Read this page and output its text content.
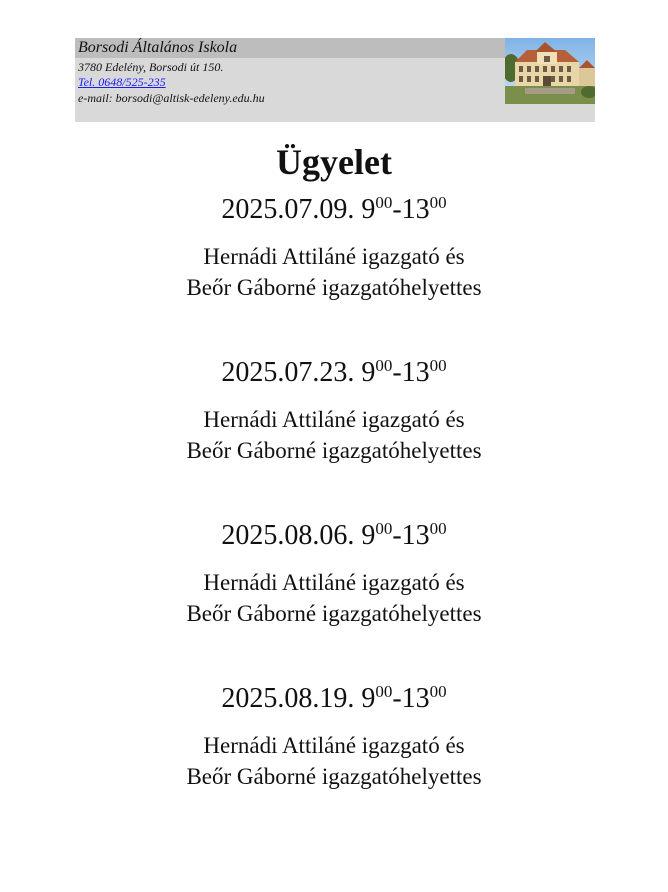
Borsodi Általános Iskola
3780 Edelény, Borsodi út 150.
Tel. 0648/525-235
e-mail: borsodi@altisk-edeleny.edu.hu
Ügyelet
2025.07.09. $9^{00}-13^{00}$
Hernádi Attiláné igazgató és
Beőr Gáborné igazgatóhelyettes
2025.07.23. $9^{00}-13^{00}$
Hernádi Attiláné igazgató és
Beőr Gáborné igazgatóhelyettes
2025.08.06. $9^{00}-13^{00}$
Hernádi Attiláné igazgató és
Beőr Gáborné igazgatóhelyettes
2025.08.19. $9^{00}-13^{00}$
Hernádi Attiláné igazgató és
Beőr Gáborné igazgatóhelyettes
